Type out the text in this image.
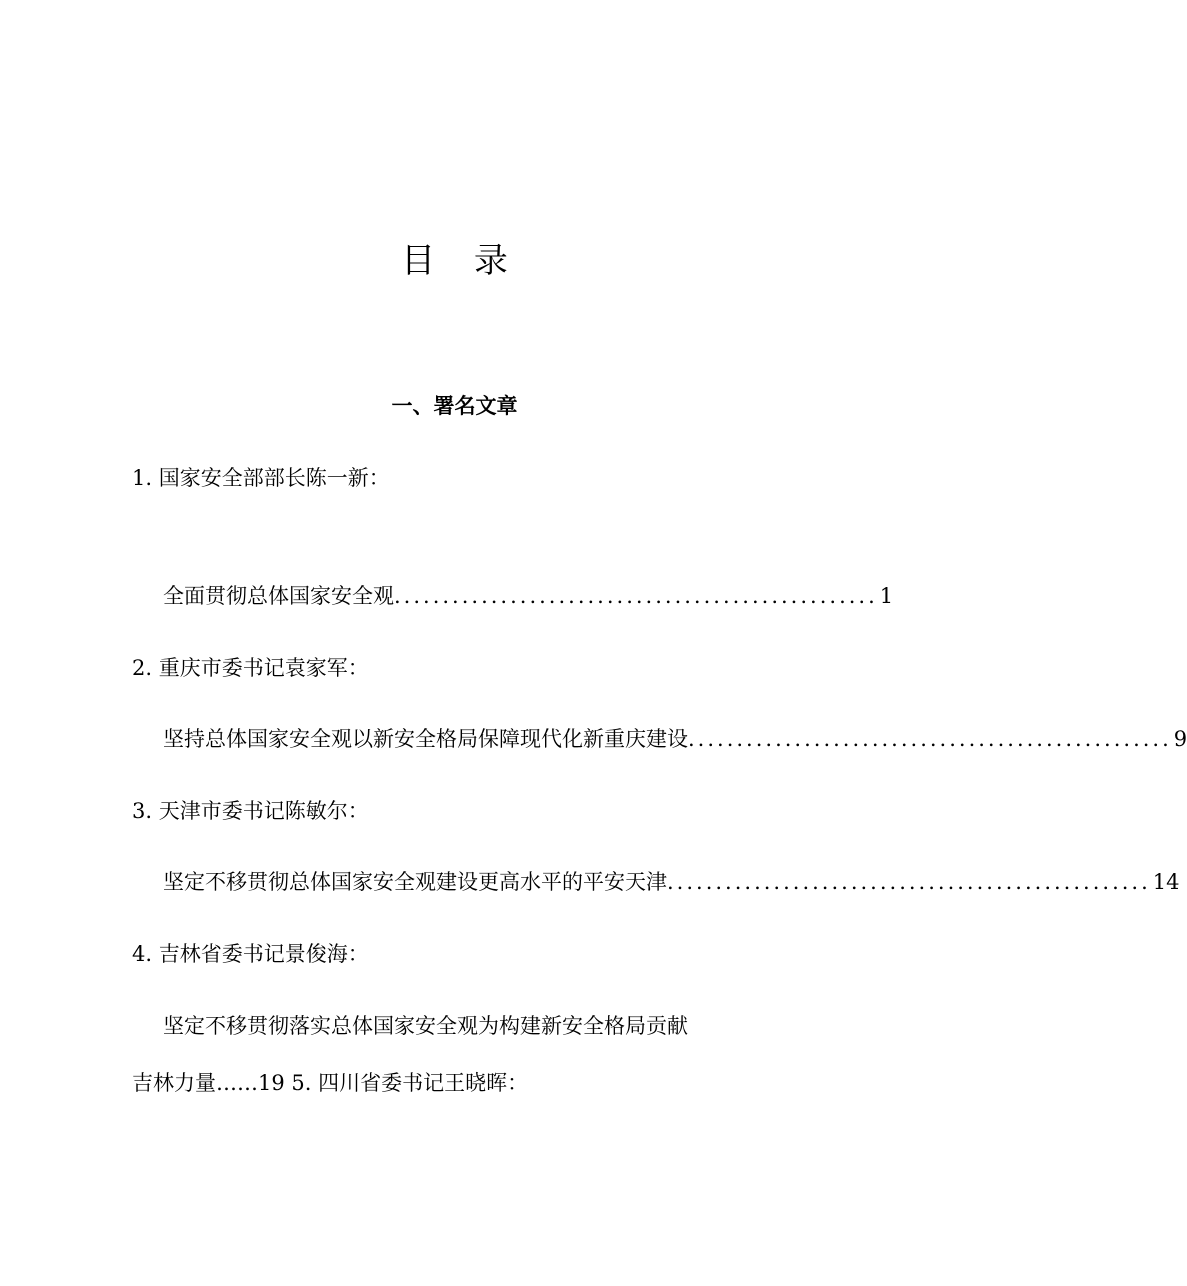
目 录
一、署名文章
1. 国家安全部部长陈一新：
全面贯彻总体国家安全观 .................................................. 1
2. 重庆市委书记袁家军：
坚持总体国家安全观以新安全格局保障现代化新重庆建设 .................................................. 9
3. 天津市委书记陈敏尔：
坚定不移贯彻总体国家安全观建设更高水平的平安天津 .................................................. 14
4. 吉林省委书记景俊海：
坚定不移贯彻落实总体国家安全观为构建新安全格局贡献
吉林力量……19 5. 四川省委书记王晓晖：
